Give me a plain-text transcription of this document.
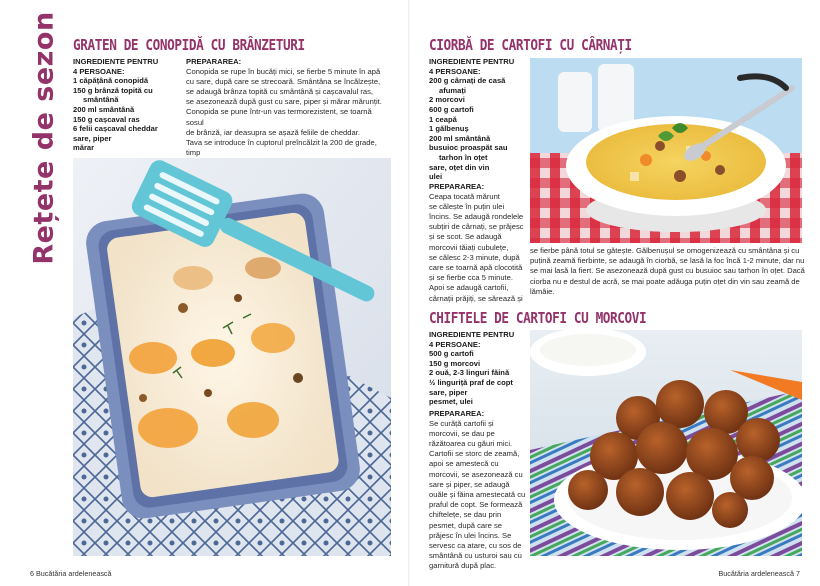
Rețete de sezon GRATEN DE CONOPIDĂ CU BRÂNZETURI
INGREDIENTE PENTRU
4 PERSOANE:
1 căpățână conopidă
150 g brânză topită cu smântână
200 ml smântână
150 g cașcaval ras
6 felii cașcaval cheddar
sare, piper
mărar
PREPARAREA:
Conopida se rupe în bucăți mici, se fierbe 5 minute în apă
cu sare, după care se strecoară. Smântâna se încălzește,
se adaugă brânza topită cu smântână și cașcavalul ras,
se asezonează după gust cu sare, piper și mărar mărunțit.
Conopida se pune într-un vas termorezistent, se toarnă sosul
de brânză, iar deasupra se așază feliile de cheddar.
Tava se introduce în cuptorul preîncălzit la 200 de grade, timp
6 Bucătăria ardelenească
CIORBĂ DE CARTOFI CU CÂRNAȚI
INGREDIENTE PENTRU
4 PERSOANE:
200 g cârnați de casă afumați
2 morcovi
600 g cartofi
1 ceapă
1 gălbenuș
200 ml smântână
busuioc proaspăt sau tarhon în oțet
sare, oțet din vin
ulei
PREPARAREA:
Ceapa tocată mărunt
se călește în puțin ulei
încins. Se adaugă rondelele
subțiri de cârnați, se prăjesc
și se scot. Se adaugă
morcovii tăiați cubulețe,
se călesc 2-3 minute, după
care se toarnă apă clocotită
și se fierbe cca 5 minute.
Apoi se adaugă cartofii,
cârnații prăjiți, se sărează și
se fierbe până totul se gătește. Gălbenușul se omogenizează cu smântâna și cu
puțină zeamă fierbinte, se adaugă în ciorbă, se lasă la foc încă 1-2 minute, dar nu
se mai lasă la fiert. Se asezonează după gust cu busuioc sau tarhon în oțet. Dacă
ciorba nu e destul de acră, se mai poate adăuga puțin oțet din vin sau zeamă de
lămâie.
CHIFTELE DE CARTOFI CU MORCOVI
INGREDIENTE PENTRU
4 PERSOANE:
500 g cartofi
150 g morcovi
2 ouă, 2-3 linguri făină
½ linguriță praf de copt
sare, piper
pesmet, ulei
PREPARAREA:
Se curăță cartofii și
morcovii, se dau pe
răzătoarea cu găuri mici.
Cartofii se storc de zeamă,
apoi se amestecă cu
morcovii, se asezonează cu
sare și piper, se adaugă
ouăle și făina amestecată cu
praful de copt. Se formează
chiftelețe, se dau prin
pesmet, după care se
prăjesc în ulei încins. Se
servesc ca atare, cu sos de
smântână cu usturoi sau cu
garnitură după plac.
Bucătăria ardelenească 7
